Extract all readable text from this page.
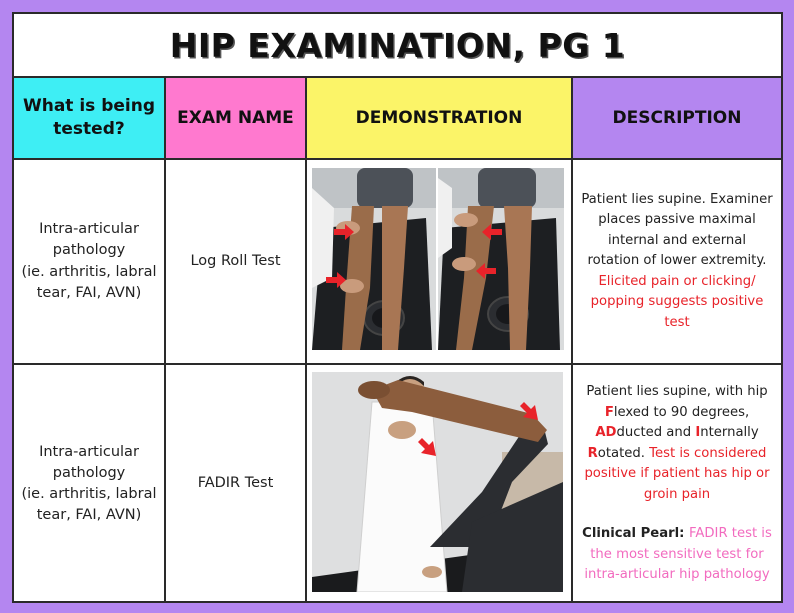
HIP EXAMINATION, PG 1
What is being tested?
EXAM NAME	DEMONSTRATION	DESCRIPTION
Intra-articular
pathology
(ie. arthritis, labral
tear, FAI, AVN)
Log Roll Test
Patient lies supine. Examiner
places passive maximal
internal and external
rotation of lower extremity.
Elicited pain or clicking/
popping suggests positive
test
Intra-articular
pathology
(ie. arthritis, labral
tear, FAI, AVN)
FADIR Test
Patient lies supine, with hip
Flexed to 90 degrees,
ADducted and Internally
Rotated. Test is considered
positive if patient has hip or
groin pain
Clinical Pearl: FADIR test is
the most sensitive test for
intra-articular hip pathology
